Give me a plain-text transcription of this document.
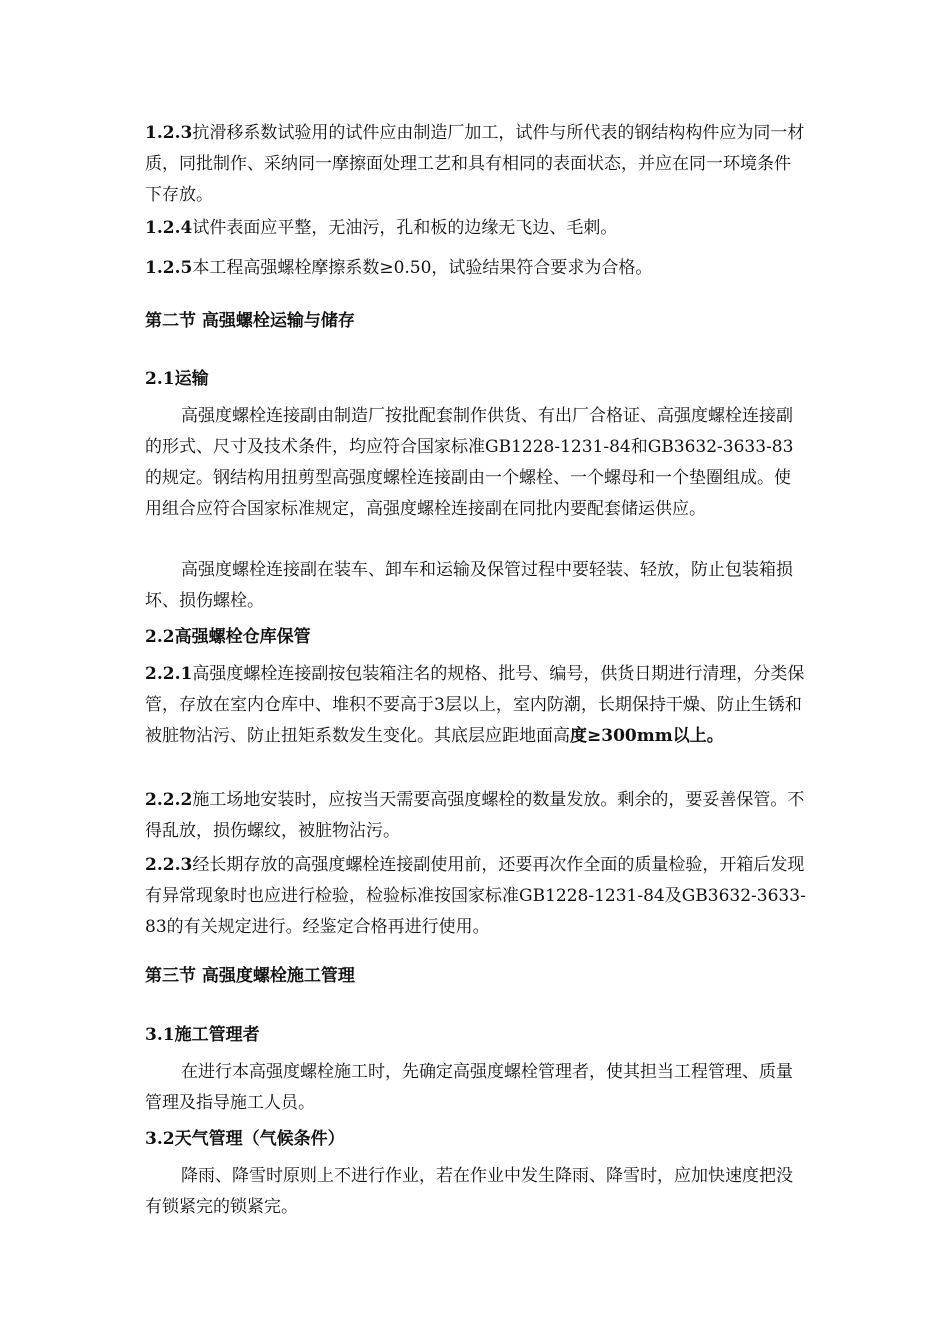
1.2.3抗滑移系数试验用的试件应由制造厂加工，试件与所代表的钢结构构件应为同一材质，同批制作、采纳同一摩擦面处理工艺和具有相同的表面状态，并应在同一环境条件下存放。

1.2.4试件表面应平整，无油污，孔和板的边缘无飞边、毛刺。

1.2.5本工程高强螺栓摩擦系数≥0.50，试验结果符合要求为合格。

第二节 高强螺栓运输与储存

2.1运输

高强度螺栓连接副由制造厂按批配套制作供货、有出厂合格证、高强度螺栓连接副的形式、尺寸及技术条件，均应符合国家标准GB1228-1231-84和GB3632-3633-83的规定。钢结构用扭剪型高强度螺栓连接副由一个螺栓、一个螺母和一个垫圈组成。使用组合应符合国家标准规定，高强度螺栓连接副在同批内要配套储运供应。

高强度螺栓连接副在装车、卸车和运输及保管过程中要轻装、轻放，防止包装箱损坏、损伤螺栓。

2.2高强螺栓仓库保管

2.2.1高强度螺栓连接副按包装箱注名的规格、批号、编号，供货日期进行清理，分类保管，存放在室内仓库中、堆积不要高于3层以上，室内防潮，长期保持干燥、防止生锈和被脏物沾污、防止扭矩系数发生变化。其底层应距地面高度≥300mm以上。

2.2.2施工场地安装时，应按当天需要高强度螺栓的数量发放。剩余的，要妥善保管。不得乱放，损伤螺纹，被脏物沾污。

2.2.3经长期存放的高强度螺栓连接副使用前，还要再次作全面的质量检验，开箱后发现有异常现象时也应进行检验，检验标准按国家标准GB1228-1231-84及GB3632-3633-83的有关规定进行。经鉴定合格再进行使用。

第三节 高强度螺栓施工管理

3.1施工管理者

在进行本高强度螺栓施工时，先确定高强度螺栓管理者，使其担当工程管理、质量管理及指导施工人员。

3.2天气管理（气候条件）

降雨、降雪时原则上不进行作业，若在作业中发生降雨、降雪时，应加快速度把没有锁紧完的锁紧完。
